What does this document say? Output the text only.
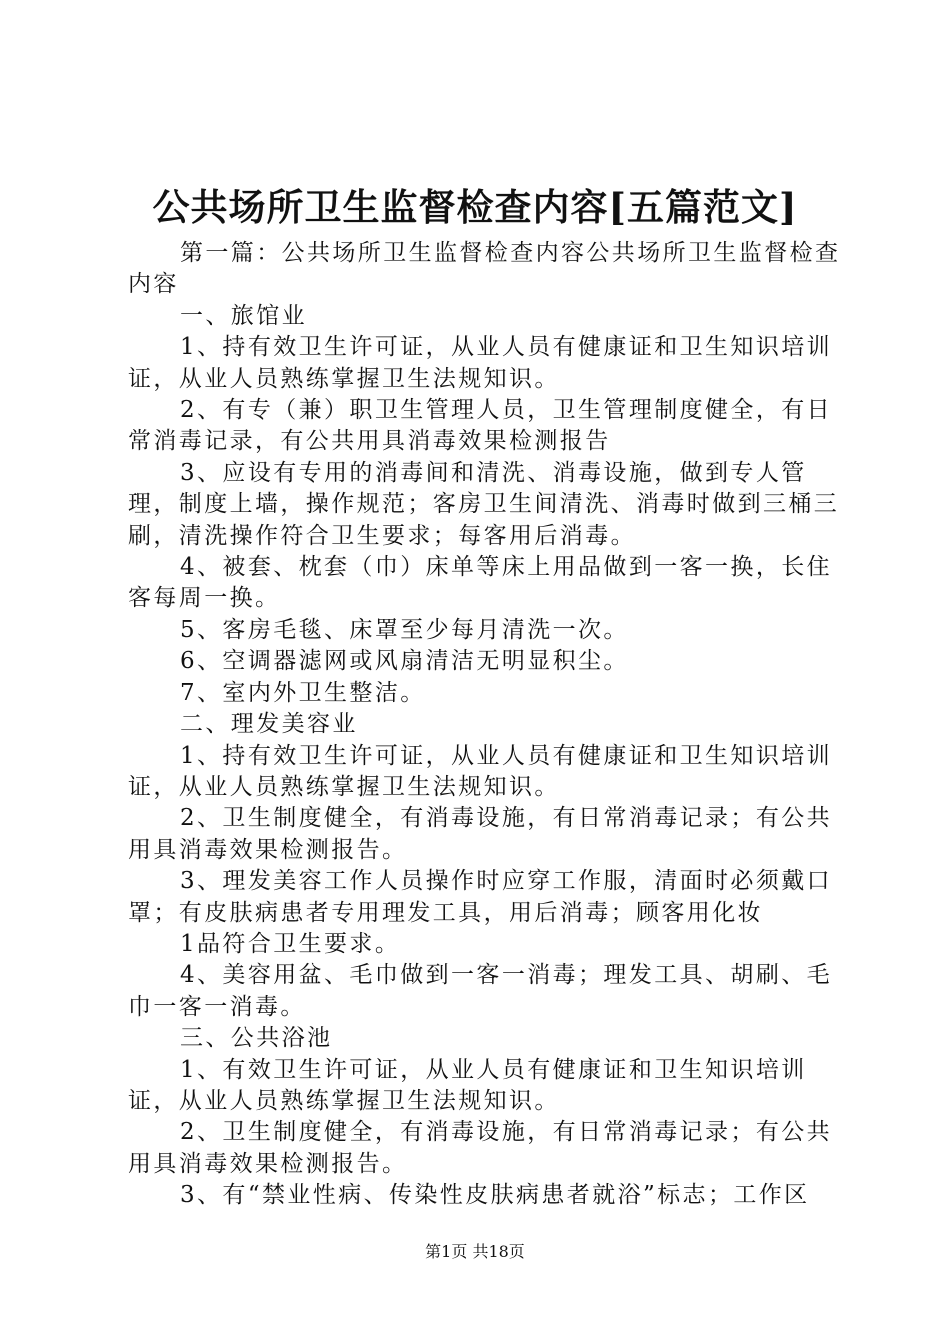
公共场所卫生监督检查内容[五篇范文]

第一篇：公共场所卫生监督检查内容公共场所卫生监督检查内容

一、旅馆业

1、持有效卫生许可证，从业人员有健康证和卫生知识培训证，从业人员熟练掌握卫生法规知识。

2、有专（兼）职卫生管理人员，卫生管理制度健全，有日常消毒记录，有公共用具消毒效果检测报告

3、应设有专用的消毒间和清洗、消毒设施，做到专人管理，制度上墙，操作规范；客房卫生间清洗、消毒时做到三桶三刷，清洗操作符合卫生要求；每客用后消毒。

4、被套、枕套（巾）床单等床上用品做到一客一换，长住客每周一换。

5、客房毛毯、床罩至少每月清洗一次。

6、空调器滤网或风扇清洁无明显积尘。

7、室内外卫生整洁。

二、理发美容业

1、持有效卫生许可证，从业人员有健康证和卫生知识培训证，从业人员熟练掌握卫生法规知识。

2、卫生制度健全，有消毒设施，有日常消毒记录；有公共用具消毒效果检测报告。

3、理发美容工作人员操作时应穿工作服，清面时必须戴口罩；有皮肤病患者专用理发工具，用后消毒；顾客用化妆

1品符合卫生要求。

4、美容用盆、毛巾做到一客一消毒；理发工具、胡刷、毛巾一客一消毒。

三、公共浴池

1、有效卫生许可证，从业人员有健康证和卫生知识培训证，从业人员熟练掌握卫生法规知识。

2、卫生制度健全，有消毒设施，有日常消毒记录；有公共用具消毒效果检测报告。

3、有“禁业性病、传染性皮肤病患者就浴”标志；工作区

第1页 共18页
